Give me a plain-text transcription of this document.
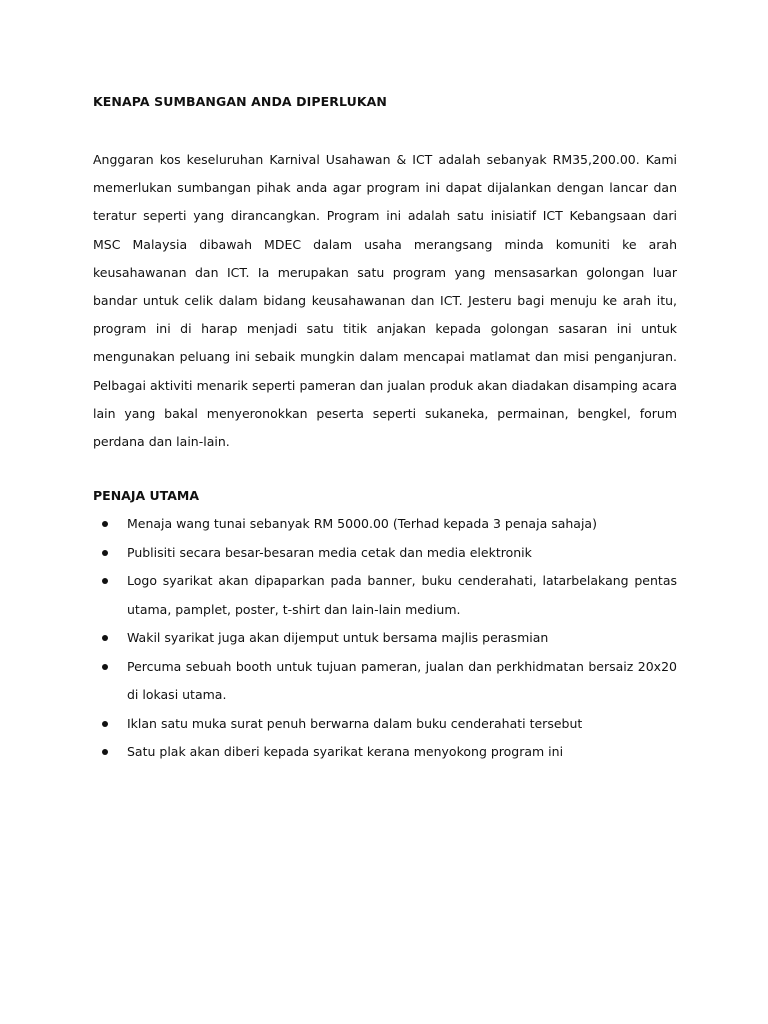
KENAPA SUMBANGAN ANDA DIPERLUKAN

Anggaran kos keseluruhan Karnival Usahawan & ICT adalah sebanyak RM35,200.00. Kami memerlukan sumbangan pihak anda agar program ini dapat dijalankan dengan lancar dan teratur seperti yang dirancangkan. Program ini adalah satu inisiatif ICT Kebangsaan dari MSC Malaysia dibawah MDEC dalam usaha merangsang minda komuniti ke arah keusahawanan dan ICT. Ia merupakan satu program yang mensasarkan golongan luar bandar untuk celik dalam bidang keusahawanan dan ICT. Jesteru bagi menuju ke arah itu, program ini di harap menjadi satu titik anjakan kepada golongan sasaran ini untuk mengunakan peluang ini sebaik mungkin dalam mencapai matlamat dan misi penganjuran. Pelbagai aktiviti menarik seperti pameran dan jualan produk akan diadakan disamping acara lain yang bakal menyeronokkan peserta seperti sukaneka, permainan, bengkel, forum perdana dan lain-lain.

PENAJA UTAMA
Menaja wang tunai sebanyak RM 5000.00 (Terhad kepada 3 penaja sahaja)
Publisiti secara besar-besaran media cetak dan media elektronik
Logo syarikat akan dipaparkan pada banner, buku cenderahati, latarbelakang pentas utama, pamplet, poster, t-shirt dan lain-lain medium.
Wakil syarikat juga akan dijemput untuk bersama majlis perasmian
Percuma sebuah booth untuk tujuan pameran, jualan dan perkhidmatan bersaiz 20x20 di lokasi utama.
Iklan satu muka surat penuh berwarna dalam buku cenderahati tersebut
Satu plak akan diberi kepada syarikat kerana menyokong program ini
